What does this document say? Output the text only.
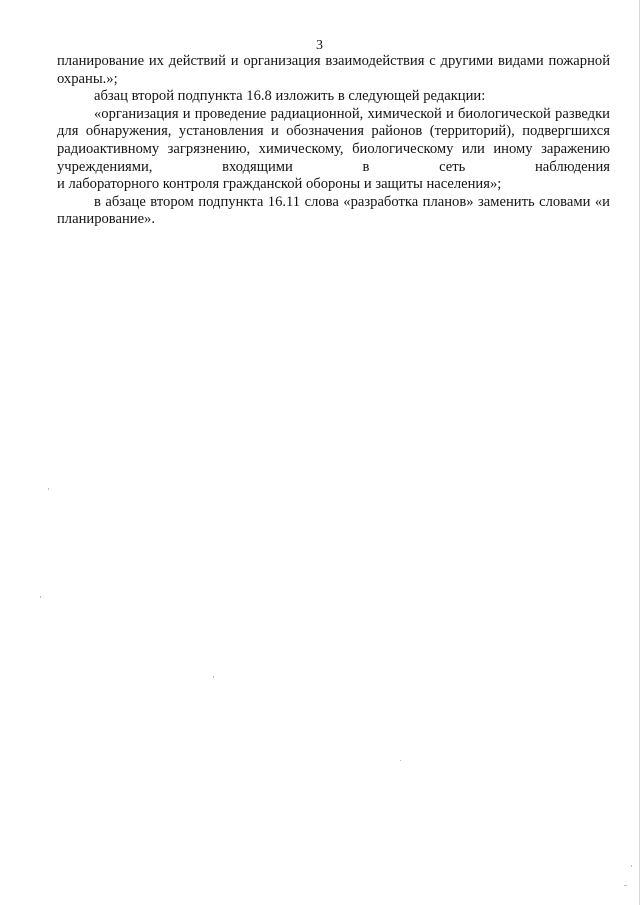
3

планирование их действий и организация взаимодействия с другими видами пожарной охраны.»;

абзац второй подпункта 16.8 изложить в следующей редакции:

«организация и проведение радиационной, химической и биологической разведки для обнаружения, установления и обозначения районов (территорий), подвергшихся радиоактивному загрязнению, химическому, биологическому или иному заражению учреждениями, входящими в сеть наблюдения

и лабораторного контроля гражданской обороны и защиты населения»;

в абзаце втором подпункта 16.11 слова «разработка планов» заменить словами «и планирование».
